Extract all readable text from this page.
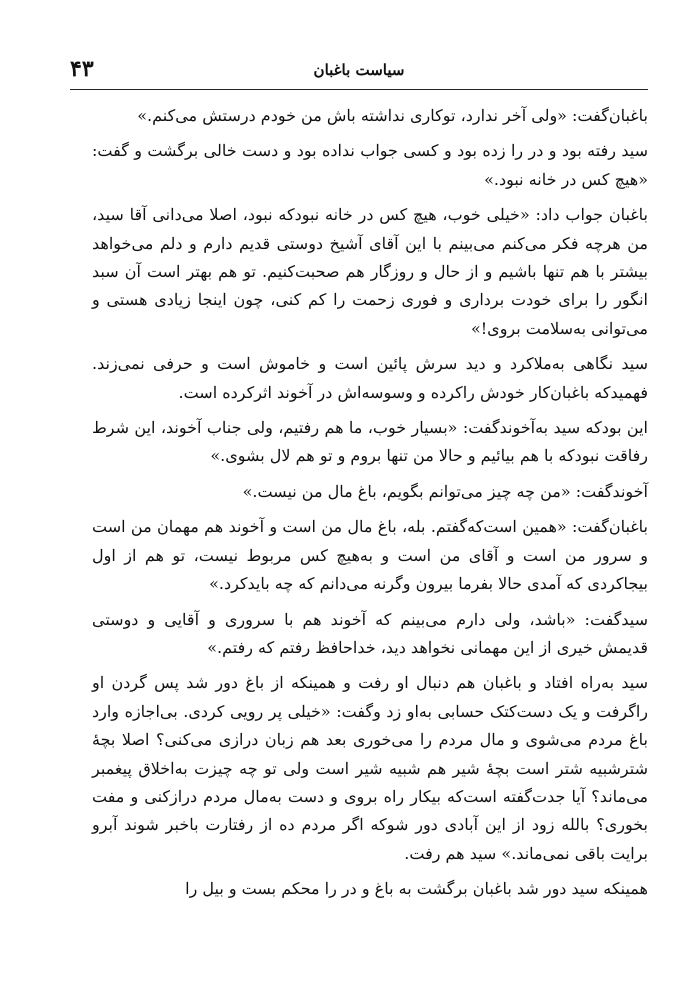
۴۳	سیاست باغبان

باغبان‌گفت: «ولی آخر ندارد، توکاری نداشته باش من خودم درستش می‌کنم.»

سید رفته بود و در را زده بود و کسی جواب نداده بود و دست خالی برگشت و گفت: «هیچ کس در خانه نبود.»

باغبان جواب داد: «خیلی خوب، هیچ کس در خانه نبودکه نبود، اصلا می‌دانی آقا سید، من هرچه فکر می‌کنم می‌بینم با این آقای آشیخ دوستی قدیم دارم و دلم می‌خواهد بیشتر با هم تنها باشیم و از حال و روزگار هم صحبت‌کنیم. تو هم بهتر است آن سبد انگور را برای خودت برداری و فوری زحمت را کم کنی، چون اینجا زیادی هستی و می‌توانی به‌سلامت بروی!»

سید نگاهی به‌ملاکرد و دید سرش پائین است و خاموش است و حرفی نمی‌زند. فهمیدکه باغبان‌کار خودش راکرده و وسوسه‌اش در آخوند اثرکرده است.

این بودکه سید به‌آخوندگفت: «بسیار خوب، ما هم رفتیم، ولی جناب آخوند، این شرط رفاقت نبودکه با هم بیائیم و حالا من تنها بروم و تو هم لال بشوی.»

آخوندگفت: «من چه چیز می‌توانم بگویم، باغ مال من نیست.»

باغبان‌گفت: «همین است‌که‌گفتم. بله، باغ مال من است و آخوند هم مهمان من است و سرور من است و آقای من است و به‌هیچ کس مربوط نیست، تو هم از اول بیجاکردی که آمدی حالا بفرما بیرون وگرنه می‌دانم که چه بایدکرد.»

سیدگفت: «باشد، ولی دارم می‌بینم که آخوند هم با سروری و آقایی و دوستی قدیمش خیری از این مهمانی نخواهد دید، خداحافظ رفتم که رفتم.»

سید به‌راه افتاد و باغبان هم دنبال او رفت و همینکه از باغ دور شد پس گردن او راگرفت و یک دست‌کتک حسابی به‌او زد وگفت: «خیلی پر رویی کردی. بی‌اجازه وارد باغ مردم می‌شوی و مال مردم را می‌خوری بعد هم زبان درازی می‌کنی؟ اصلا بچهٔ شترشبیه شتر است بچهٔ شیر هم شبیه شیر است ولی تو چه چیزت به‌اخلاق پیغمبر می‌ماند؟ آیا جدت‌گفته است‌که بیکار راه بروی و دست به‌مال مردم درازکنی و مفت بخوری؟ بالله زود از این آبادی دور شوکه اگر مردم ده از رفتارت باخبر شوند آبرو برایت باقی نمی‌ماند.» سید هم رفت.

همینکه سید دور شد باغبان برگشت به باغ و در را محکم بست و بیل را
